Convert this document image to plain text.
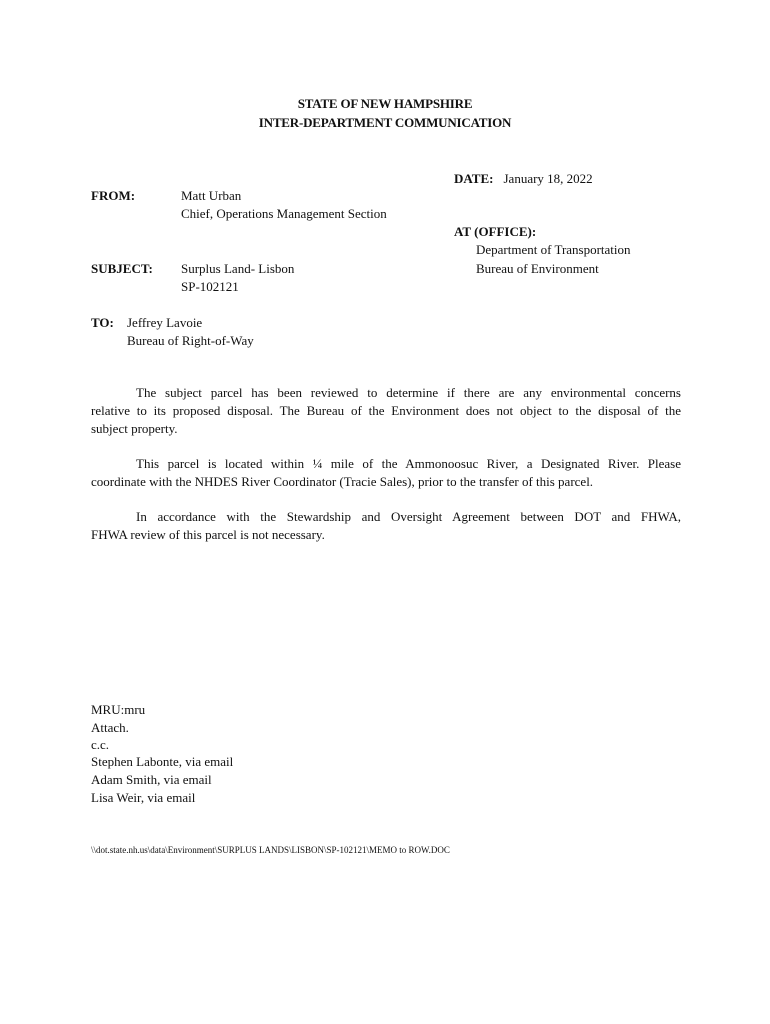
STATE OF NEW HAMPSHIRE
INTER-DEPARTMENT COMMUNICATION
DATE: January 18, 2022
FROM:	Matt Urban
Chief, Operations Management Section
AT (OFFICE):
Department of Transportation
Bureau of Environment
SUBJECT: Surplus Land- Lisbon
SP-102121
TO: Jeffrey Lavoie
Bureau of Right-of-Way
The subject parcel has been reviewed to determine if there are any environmental concerns
relative to its proposed disposal. The Bureau of the Environment does not object to the disposal of the
subject property.
This parcel is located within ¼ mile of the Ammonoosuc River, a Designated River. Please
coordinate with the NHDES River Coordinator (Tracie Sales), prior to the transfer of this parcel.
In accordance with the Stewardship and Oversight Agreement between DOT and FHWA,
FHWA review of this parcel is not necessary.
MRU:mru
Attach.
c.c.
Stephen Labonte, via email
Adam Smith, via email
Lisa Weir, via email
\\dot.state.nh.us\data\Environment\SURPLUS LANDS\LISBON\SP-102121\MEMO to ROW.DOC
